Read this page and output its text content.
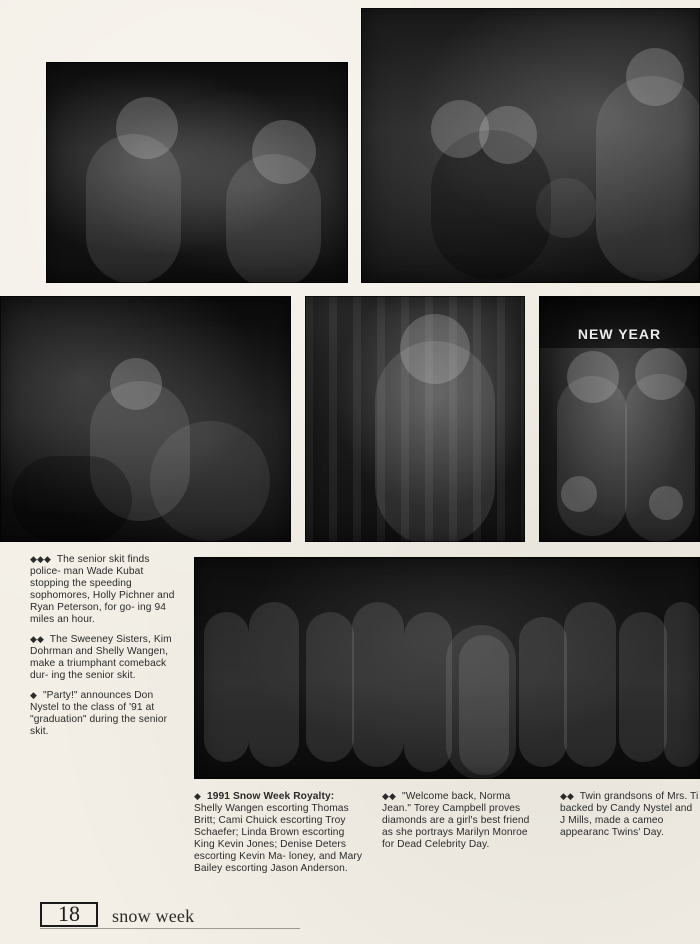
NEW YEAR

◆◆◆ The senior skit finds police- man Wade Kubat stopping the speeding sophomores, Holly Pichner and Ryan Peterson, for go- ing 94 miles an hour.

◆◆ The Sweeney Sisters, Kim Dohrman and Shelly Wangen, make a triumphant comeback dur- ing the senior skit.

◆ "Party!" announces Don Nystel to the class of '91 at "graduation" during the senior skit.

◆ 1991 Snow Week Royalty: Shelly Wangen escorting Thomas Britt; Cami Chuick escorting Troy Schaefer; Linda Brown escorting King Kevin Jones; Denise Deters escorting Kevin Ma- loney, and Mary Bailey escorting Jason Anderson.
◆◆ "Welcome back, Norma Jean." Torey Campbell proves diamonds are a girl's best friend as she portrays Marilyn Monroe for Dead Celebrity Day.
◆◆ Twin grandsons of Mrs. Ti backed by Candy Nystel and J Mills, made a cameo appearanc Twins' Day.
18	snow week
